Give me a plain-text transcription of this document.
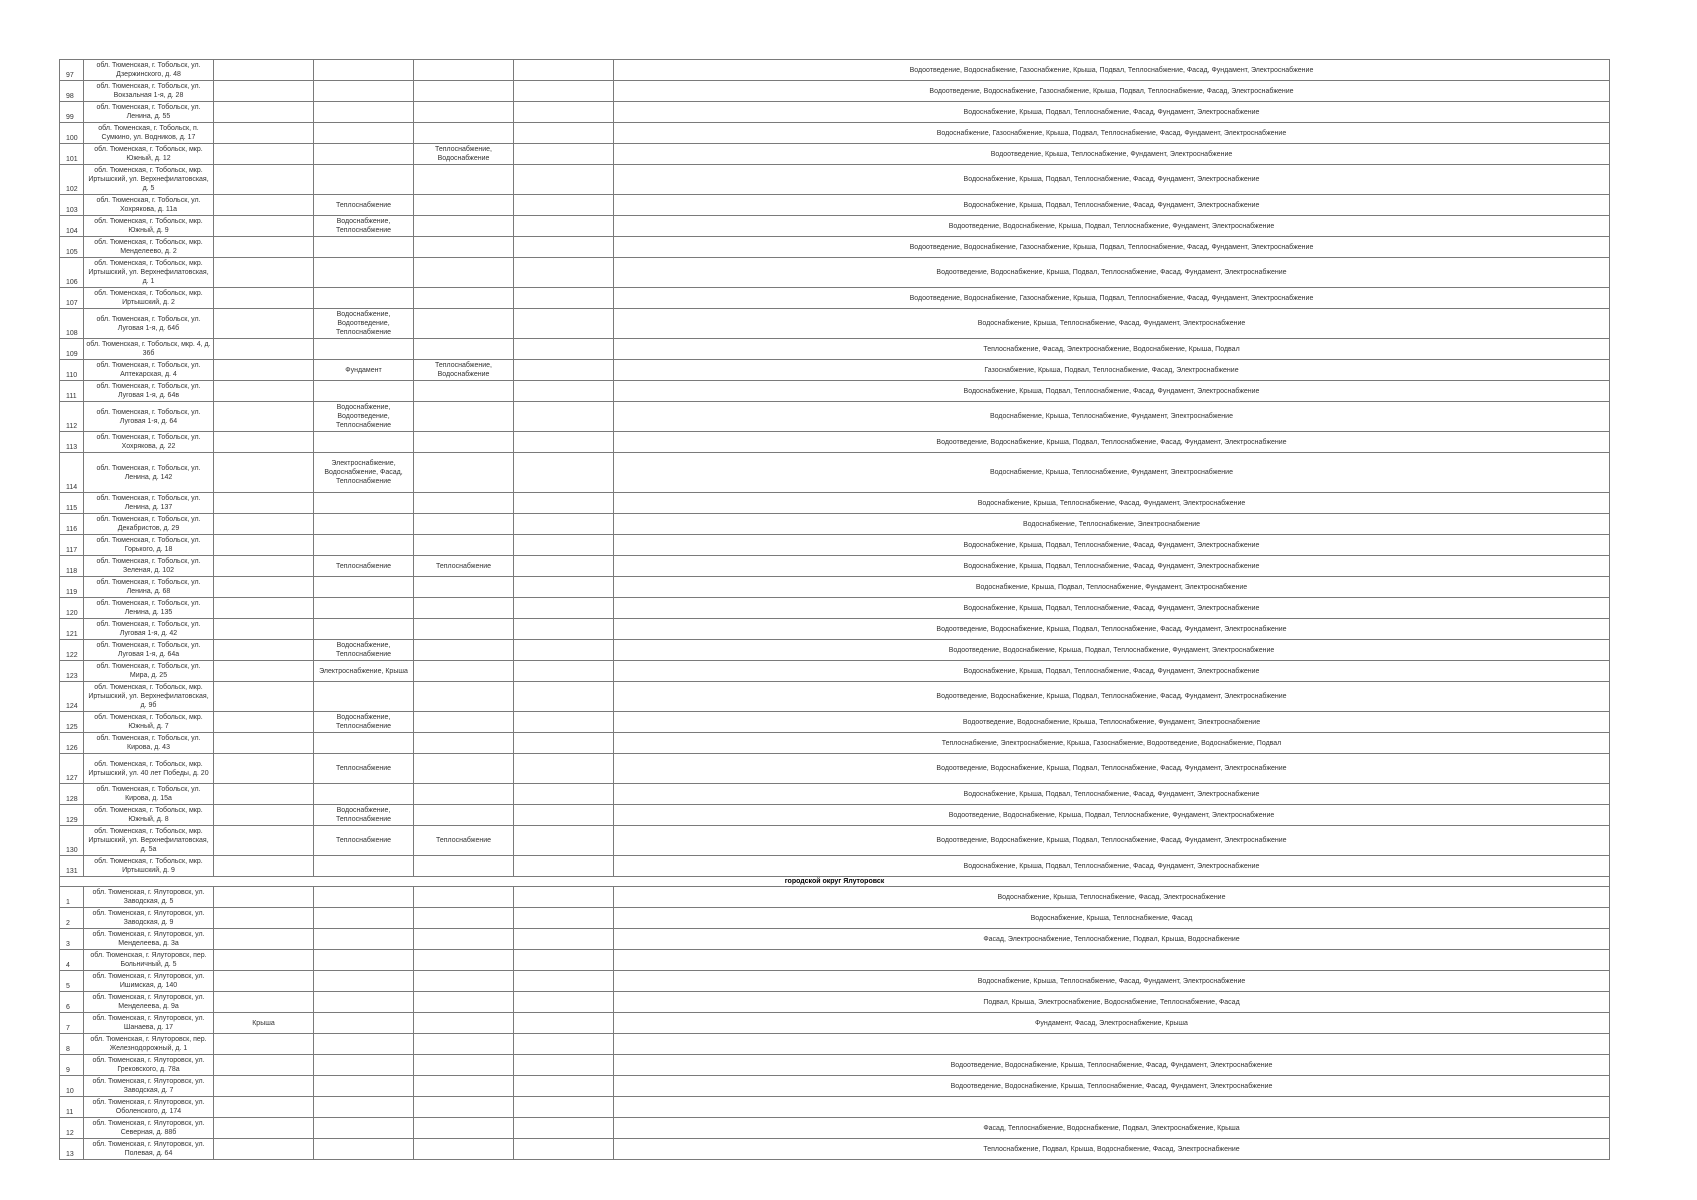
97	обл. Тюменская, г. Тобольск, ул. Дзержинского, д. 48					Водоотведение, Водоснабжение, Газоснабжение, Крыша, Подвал, Теплоснабжение, Фасад, Фундамент, Электроснабжение
98	обл. Тюменская, г. Тобольск, ул. Вокзальная 1-я, д. 28					Водоотведение, Водоснабжение, Газоснабжение, Крыша, Подвал, Теплоснабжение, Фасад, Электроснабжение
99	обл. Тюменская, г. Тобольск, ул. Ленина, д. 55					Водоснабжение, Крыша, Подвал, Теплоснабжение, Фасад, Фундамент, Электроснабжение
100	обл. Тюменская, г. Тобольск, п. Сумкино, ул. Водников, д. 17					Водоснабжение, Газоснабжение, Крыша, Подвал, Теплоснабжение, Фасад, Фундамент, Электроснабжение
101	обл. Тюменская, г. Тобольск, мкр. Южный, д. 12			Теплоснабжение, Водоснабжение		Водоотведение, Крыша, Теплоснабжение, Фундамент, Электроснабжение
102	обл. Тюменская, г. Тобольск, мкр. Иртышский, ул. Верхнефилатовская, д. 5					Водоснабжение, Крыша, Подвал, Теплоснабжение, Фасад, Фундамент, Электроснабжение
103	обл. Тюменская, г. Тобольск, ул. Хохрякова, д. 11а		Теплоснабжение			Водоснабжение, Крыша, Подвал, Теплоснабжение, Фасад, Фундамент, Электроснабжение
104	обл. Тюменская, г. Тобольск, мкр. Южный, д. 9		Водоснабжение, Теплоснабжение			Водоотведение, Водоснабжение, Крыша, Подвал, Теплоснабжение, Фундамент, Электроснабжение
105	обл. Тюменская, г. Тобольск, мкр. Менделеево, д. 2					Водоотведение, Водоснабжение, Газоснабжение, Крыша, Подвал, Теплоснабжение, Фасад, Фундамент, Электроснабжение
106	обл. Тюменская, г. Тобольск, мкр. Иртышский, ул. Верхнефилатовская, д. 1					Водоотведение, Водоснабжение, Крыша, Подвал, Теплоснабжение, Фасад, Фундамент, Электроснабжение
107	обл. Тюменская, г. Тобольск, мкр. Иртышский, д. 2					Водоотведение, Водоснабжение, Газоснабжение, Крыша, Подвал, Теплоснабжение, Фасад, Фундамент, Электроснабжение
108	обл. Тюменская, г. Тобольск, ул. Луговая 1-я, д. 64б		Водоснабжение, Водоотведение, Теплоснабжение			Водоснабжение, Крыша, Теплоснабжение, Фасад, Фундамент, Электроснабжение
109	обл. Тюменская, г. Тобольск, мкр. 4, д. 36б					Теплоснабжение, Фасад, Электроснабжение, Водоснабжение, Крыша, Подвал
110	обл. Тюменская, г. Тобольск, ул. Аптекарская, д. 4		Фундамент	Теплоснабжение, Водоснабжение		Газоснабжение, Крыша, Подвал, Теплоснабжение, Фасад, Электроснабжение
111	обл. Тюменская, г. Тобольск, ул. Луговая 1-я, д. 64в					Водоснабжение, Крыша, Подвал, Теплоснабжение, Фасад, Фундамент, Электроснабжение
112	обл. Тюменская, г. Тобольск, ул. Луговая 1-я, д. 64		Водоснабжение, Водоотведение, Теплоснабжение			Водоснабжение, Крыша, Теплоснабжение, Фундамент, Электроснабжение
113	обл. Тюменская, г. Тобольск, ул. Хохрякова, д. 22					Водоотведение, Водоснабжение, Крыша, Подвал, Теплоснабжение, Фасад, Фундамент, Электроснабжение
114	обл. Тюменская, г. Тобольск, ул. Ленина, д. 142		Электроснабжение, Водоснабжение, Фасад, Теплоснабжение			Водоснабжение, Крыша, Теплоснабжение, Фундамент, Электроснабжение
115	обл. Тюменская, г. Тобольск, ул. Ленина, д. 137					Водоснабжение, Крыша, Теплоснабжение, Фасад, Фундамент, Электроснабжение
116	обл. Тюменская, г. Тобольск, ул. Декабристов, д. 29					Водоснабжение, Теплоснабжение, Электроснабжение
117	обл. Тюменская, г. Тобольск, ул. Горького, д. 18					Водоснабжение, Крыша, Подвал, Теплоснабжение, Фасад, Фундамент, Электроснабжение
118	обл. Тюменская, г. Тобольск, ул. Зеленая, д. 102		Теплоснабжение	Теплоснабжение		Водоснабжение, Крыша, Подвал, Теплоснабжение, Фасад, Фундамент, Электроснабжение
119	обл. Тюменская, г. Тобольск, ул. Ленина, д. 68					Водоснабжение, Крыша, Подвал, Теплоснабжение, Фундамент, Электроснабжение
120	обл. Тюменская, г. Тобольск, ул. Ленина, д. 135					Водоснабжение, Крыша, Подвал, Теплоснабжение, Фасад, Фундамент, Электроснабжение
121	обл. Тюменская, г. Тобольск, ул. Луговая 1-я, д. 42					Водоотведение, Водоснабжение, Крыша, Подвал, Теплоснабжение, Фасад, Фундамент, Электроснабжение
122	обл. Тюменская, г. Тобольск, ул. Луговая 1-я, д. 64а		Водоснабжение, Теплоснабжение			Водоотведение, Водоснабжение, Крыша, Подвал, Теплоснабжение, Фундамент, Электроснабжение
123	обл. Тюменская, г. Тобольск, ул. Мира, д. 25		Электроснабжение, Крыша			Водоснабжение, Крыша, Подвал, Теплоснабжение, Фасад, Фундамент, Электроснабжение
124	обл. Тюменская, г. Тобольск, мкр. Иртышский, ул. Верхнефилатовская, д. 9б					Водоотведение, Водоснабжение, Крыша, Подвал, Теплоснабжение, Фасад, Фундамент, Электроснабжение
125	обл. Тюменская, г. Тобольск, мкр. Южный, д. 7		Водоснабжение, Теплоснабжение			Водоотведение, Водоснабжение, Крыша, Теплоснабжение, Фундамент, Электроснабжение
126	обл. Тюменская, г. Тобольск, ул. Кирова, д. 43					Теплоснабжение, Электроснабжение, Крыша, Газоснабжение, Водоотведение, Водоснабжение, Подвал
127	обл. Тюменская, г. Тобольск, мкр. Иртышский, ул. 40 лет Победы, д. 20		Теплоснабжение			Водоотведение, Водоснабжение, Крыша, Подвал, Теплоснабжение, Фасад, Фундамент, Электроснабжение
128	обл. Тюменская, г. Тобольск, ул. Кирова, д. 15а					Водоснабжение, Крыша, Подвал, Теплоснабжение, Фасад, Фундамент, Электроснабжение
129	обл. Тюменская, г. Тобольск, мкр. Южный, д. 8		Водоснабжение, Теплоснабжение			Водоотведение, Водоснабжение, Крыша, Подвал, Теплоснабжение, Фундамент, Электроснабжение
130	обл. Тюменская, г. Тобольск, мкр. Иртышский, ул. Верхнефилатовская, д. 5а		Теплоснабжение	Теплоснабжение		Водоотведение, Водоснабжение, Крыша, Подвал, Теплоснабжение, Фасад, Фундамент, Электроснабжение
131	обл. Тюменская, г. Тобольск, мкр. Иртышский, д. 9					Водоснабжение, Крыша, Подвал, Теплоснабжение, Фасад, Фундамент, Электроснабжение
городской округ Ялуторовск						
1	обл. Тюменская, г. Ялуторовск, ул. Заводская, д. 5					Водоснабжение, Крыша, Теплоснабжение, Фасад, Электроснабжение
2	обл. Тюменская, г. Ялуторовск, ул. Заводская, д. 9					Водоснабжение, Крыша, Теплоснабжение, Фасад
3	обл. Тюменская, г. Ялуторовск, ул. Менделеева, д. 3а					Фасад, Электроснабжение, Теплоснабжение, Подвал, Крыша, Водоснабжение
4	обл. Тюменская, г. Ялуторовск, пер. Больничный, д. 5					
5	обл. Тюменская, г. Ялуторовск, ул. Ишимская, д. 140					Водоснабжение, Крыша, Теплоснабжение, Фасад, Фундамент, Электроснабжение
6	обл. Тюменская, г. Ялуторовск, ул. Менделеева, д. 9а					Подвал, Крыша, Электроснабжение, Водоснабжение, Теплоснабжение, Фасад
7	обл. Тюменская, г. Ялуторовск, ул. Шанаева, д. 17	Крыша				Фундамент, Фасад, Электроснабжение, Крыша
8	обл. Тюменская, г. Ялуторовск, пер. Железнодорожный, д. 1					
9	обл. Тюменская, г. Ялуторовск, ул. Грековского, д. 78а					Водоотведение, Водоснабжение, Крыша, Теплоснабжение, Фасад, Фундамент, Электроснабжение
10	обл. Тюменская, г. Ялуторовск, ул. Заводская, д. 7					Водоотведение, Водоснабжение, Крыша, Теплоснабжение, Фасад, Фундамент, Электроснабжение
11	обл. Тюменская, г. Ялуторовск, ул. Оболенского, д. 174					
12	обл. Тюменская, г. Ялуторовск, ул. Северная, д. 88б					Фасад, Теплоснабжение, Водоснабжение, Подвал, Электроснабжение, Крыша
13	обл. Тюменская, г. Ялуторовск, ул. Полевая, д. 64					Теплоснабжение, Подвал, Крыша, Водоснабжение, Фасад, Электроснабжение
